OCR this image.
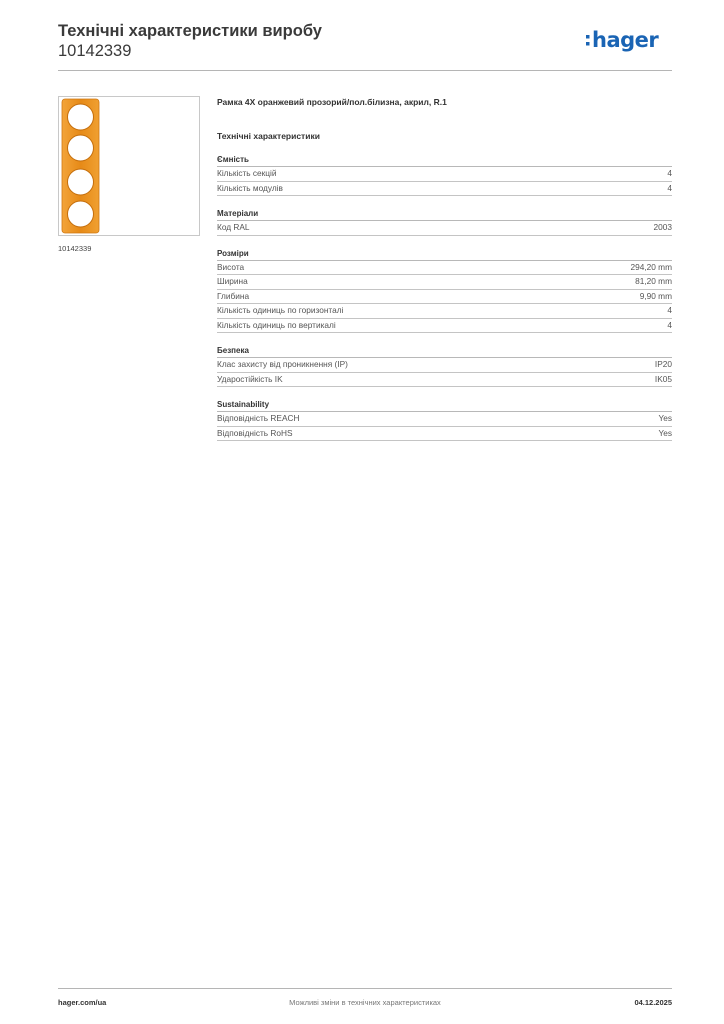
Технічні характеристики виробу
10142339	hager
10142339
Рамка 4X оранжевий прозорий/пол.білизна, акрил, R.1
Технічні характеристики
Ємність
Кількість секцій	4
Кількість модулів	4
Матеріали
Код RAL	2003
Розміри
Висота	294,20 mm
Ширина	81,20 mm
Глибина	9,90 mm
Кількість одиниць по горизонталі	4
Кількість одиниць по вертикалі	4
Безпека
Клас захисту від проникнення (IP)	IP20
Ударостійкість IK	IK05
Sustainability
Відповідність REACH	Yes
Відповідність RoHS	Yes
hager.com/ua	Можливі зміни в технічних характеристиках	04.12.2025
